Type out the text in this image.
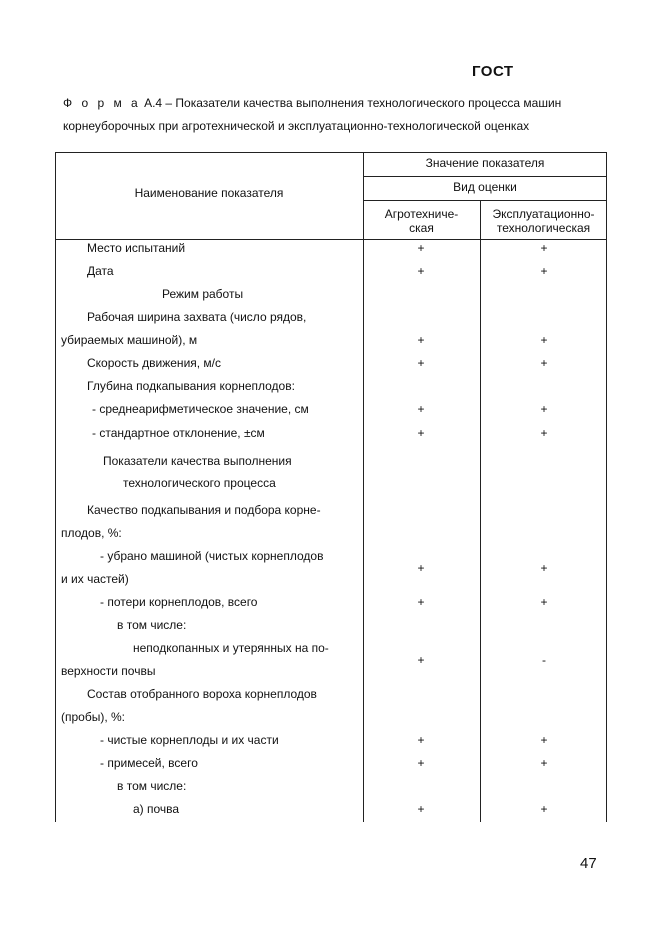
ГОСТ
Ф о р м а А.4 – Показатели качества выполнения технологического процесса машин
корнеуборочных при агротехнической и эксплуатационно-технологической оценках
Наименование показателя
Значение показателя
Вид оценки
Агротехниче-
ская
Эксплуатационно-
технологическая
Место испытаний	+	+
Дата	+	+
Режим работы
Рабочая ширина захвата (число рядов,
убираемых машиной), м	+	+
Скорость движения, м/с	+	+
Глубина подкапывания корнеплодов:
- среднеарифметическое значение, см	+	+
- стандартное отклонение, ±см	+	+
Показатели качества выполнения
технологического процесса
Качество подкапывания и подбора корне-
плодов, %:
- убрано машиной (чистых корнеплодов
и их частей)
+	+
- потери корнеплодов, всего	+	+
в том числе:
неподкопанных и утерянных на по-
верхности почвы
+	-
Состав отобранного вороха корнеплодов
(пробы), %:
- чистые корнеплоды и их части	+	+
- примесей, всего	+	+
в том числе:
а) почва	+	+
47
